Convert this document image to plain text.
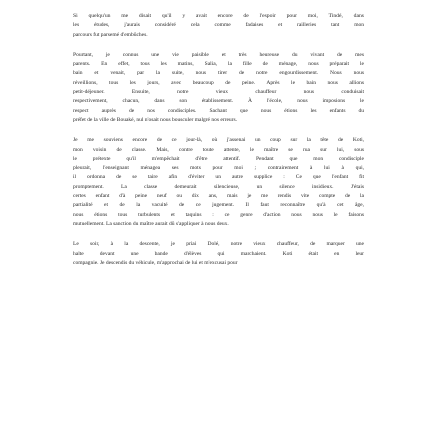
Si quelqu'un me disait qu'il y avait encore de l'espoir pour moi, Tindé, dans
les études, j'aurais considéré cela comme fadaises et railleries tant mon
parcours fut parsemé d'embûches.

Pourtant, je connus une vie paisible et très heureuse du vivant de mes
parents. En effet, tous les matins, Salia, la fille de ménage, nous préparait le
bain et venait, par la suite, nous tirer de notre engourdissement. Nous nous
réveillions, tous les jours, avec beaucoup de peine. Après le bain nous allions
petit-déjeuner. Ensuite, notre vieux chauffeur nous conduisait
respectivement, chacun, dans son établissement. À l'école, nous imposions le
respect auprès de nos condisciples. Sachant que nous étions les enfants du
préfet de la ville de Bouaké, nul n'osait nous bousculer malgré nos erreurs.

Je me souviens encore de ce jour-là, où j'assenai un coup sur la tête de Koti,
mon voisin de classe. Mais, contre toute attente, le maître se rua sur lui, sous
le prétexte qu'il m'empêchait d'être attentif. Pendant que mon condisciple
pleurait, l'enseignant ménagea ses mots pour moi ; contrairement à lui à qui,
il ordonna de se taire afin d'éviter un autre supplice : Ce que l'enfant fit
promptement. La classe demeurait silencieuse, un silence insidieux. J'étais
certes enfant d'à peine neuf ou dix ans, mais je me rendis vite compte de la
partialité et de la vacuité de ce jugement. Il faut reconnaître qu'à cet âge,
nous étions tous turbulents et taquins : ce genre d'action nous nous le faisons
mutuellement. La sanction du maître aurait dû s'appliquer à nous deux.

Le soir, à la descente, je priai Dolé, notre vieux chauffeur, de marquer une
halte devant une bande d'élèves qui marchaient. Koti était en leur
compagnie. Je descendis du véhicule, m'approchai de lui et m'excusai pour
